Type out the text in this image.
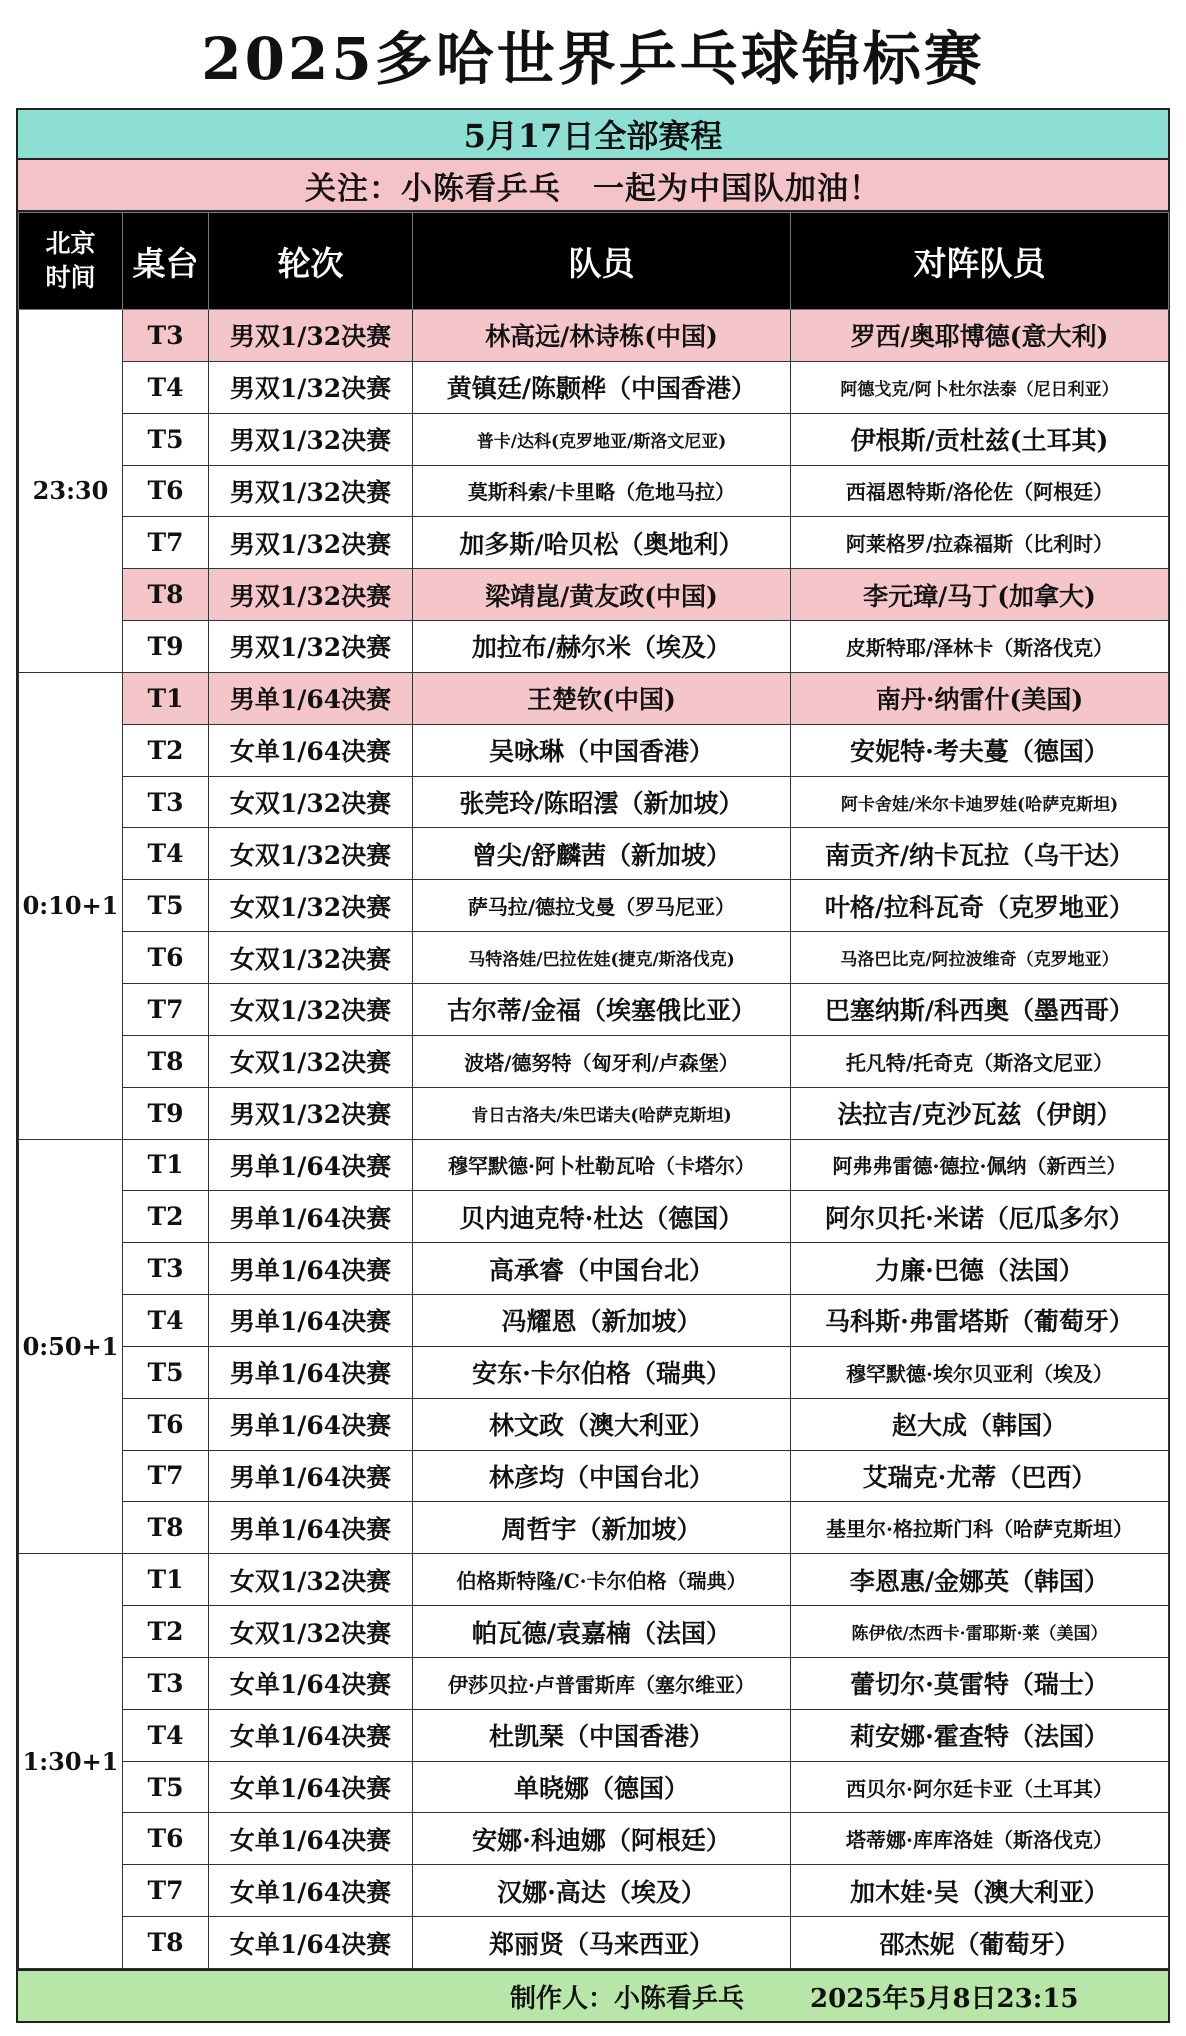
2025多哈世界乒乓球锦标赛
5月17日全部赛程
关注：小陈看乒乓　一起为中国队加油！
北京
时间	桌台	轮次	队员	对阵队员
23:30	T3	男双1/32决赛	林高远/林诗栋(中国)	罗西/奥耶博德(意大利)
	T4	男双1/32决赛	黄镇廷/陈颢桦（中国香港）	阿德戈克/阿卜杜尔法泰（尼日利亚）
	T5	男双1/32决赛	普卡/达科(克罗地亚/斯洛文尼亚)	伊根斯/贡杜兹(土耳其)
	T6	男双1/32决赛	莫斯科索/卡里略（危地马拉）	西福恩特斯/洛伦佐（阿根廷）
	T7	男双1/32决赛	加多斯/哈贝松（奥地利）	阿莱格罗/拉森福斯（比利时）
	T8	男双1/32决赛	梁靖崑/黄友政(中国)	李元璋/马丁(加拿大)
	T9	男双1/32决赛	加拉布/赫尔米（埃及）	皮斯特耶/泽林卡（斯洛伐克）
0:10+1	T1	男单1/64决赛	王楚钦(中国)	南丹·纳雷什(美国)
	T2	女单1/64决赛	吴咏琳（中国香港）	安妮特·考夫蔓（德国）
	T3	女双1/32决赛	张莞玲/陈昭澐（新加坡）	阿卡舍娃/米尔卡迪罗娃(哈萨克斯坦)
	T4	女双1/32决赛	曾尖/舒麟茜（新加坡）	南贡齐/纳卡瓦拉（乌干达）
	T5	女双1/32决赛	萨马拉/德拉戈曼（罗马尼亚）	叶格/拉科瓦奇（克罗地亚）
	T6	女双1/32决赛	马特洛娃/巴拉佐娃(捷克/斯洛伐克)	马洛巴比克/阿拉波维奇（克罗地亚）
	T7	女双1/32决赛	古尔蒂/金福（埃塞俄比亚）	巴塞纳斯/科西奥（墨西哥）
	T8	女双1/32决赛	波塔/德努特（匈牙利/卢森堡）	托凡特/托奇克（斯洛文尼亚）
	T9	男双1/32决赛	肯日古洛夫/朱巴诺夫(哈萨克斯坦)	法拉吉/克沙瓦兹（伊朗）
0:50+1	T1	男单1/64决赛	穆罕默德·阿卜杜勒瓦哈（卡塔尔）	阿弗弗雷德·德拉·佩纳（新西兰）
	T2	男单1/64决赛	贝内迪克特·杜达（德国）	阿尔贝托·米诺（厄瓜多尔）
	T3	男单1/64决赛	高承睿（中国台北）	力廉·巴德（法国）
	T4	男单1/64决赛	冯耀恩（新加坡）	马科斯·弗雷塔斯（葡萄牙）
	T5	男单1/64决赛	安东·卡尔伯格（瑞典）	穆罕默德·埃尔贝亚利（埃及）
	T6	男单1/64决赛	林文政（澳大利亚）	赵大成（韩国）
	T7	男单1/64决赛	林彦均（中国台北）	艾瑞克·尤蒂（巴西）
	T8	男单1/64决赛	周哲宇（新加坡）	基里尔·格拉斯门科（哈萨克斯坦）
1:30+1	T1	女双1/32决赛	伯格斯特隆/C·卡尔伯格（瑞典）	李恩惠/金娜英（韩国）
	T2	女双1/32决赛	帕瓦德/袁嘉楠（法国）	陈伊依/杰西卡·雷耶斯·莱（美国）
	T3	女单1/64决赛	伊莎贝拉·卢普雷斯库（塞尔维亚）	蕾切尔·莫雷特（瑞士）
	T4	女单1/64决赛	杜凯琹（中国香港）	莉安娜·霍查特（法国）
	T5	女单1/64决赛	单晓娜（德国）	西贝尔·阿尔廷卡亚（土耳其）
	T6	女单1/64决赛	安娜·科迪娜（阿根廷）	塔蒂娜·库库洛娃（斯洛伐克）
	T7	女单1/64决赛	汉娜·高达（埃及）	加木娃·吴（澳大利亚）
	T8	女单1/64决赛	郑丽贤（马来西亚）	邵杰妮（葡萄牙）
制作人：小陈看乒乓	2025年5月8日23:15
